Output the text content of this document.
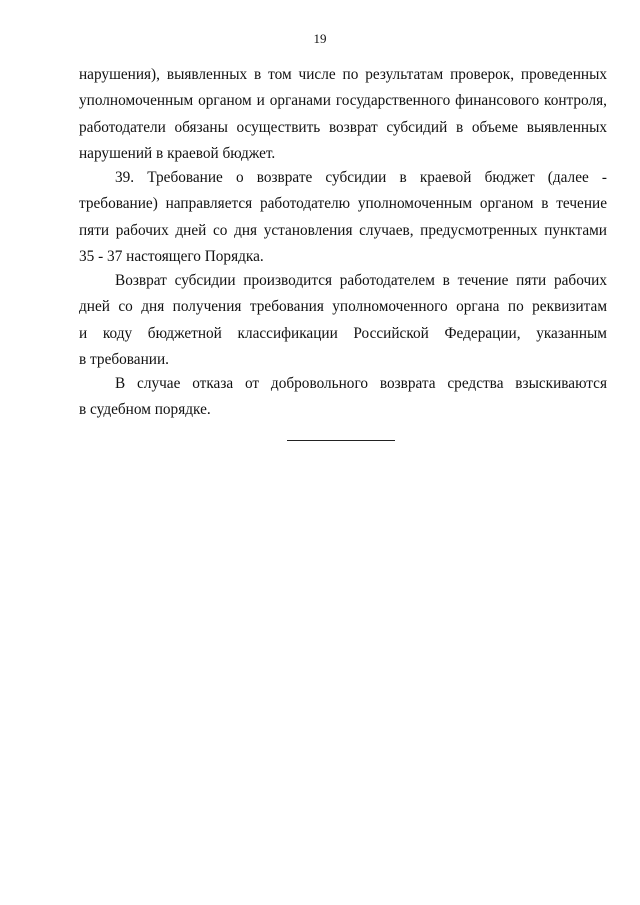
19
нарушения), выявленных в том числе по результатам проверок, проведенных
уполномоченным органом и органами государственного финансового контроля,
работодатели обязаны осуществить возврат субсидий в объеме выявленных
нарушений в краевой бюджет.
39. Требование о возврате субсидии в краевой бюджет (далее -
требование) направляется работодателю уполномоченным органом в течение
пяти рабочих дней со дня установления случаев, предусмотренных пунктами
35 - 37 настоящего Порядка.
Возврат субсидии производится работодателем в течение пяти рабочих
дней со дня получения требования уполномоченного органа по реквизитам
и коду бюджетной классификации Российской Федерации, указанным
в требовании.
В случае отказа от добровольного возврата средства взыскиваются
в судебном порядке.
